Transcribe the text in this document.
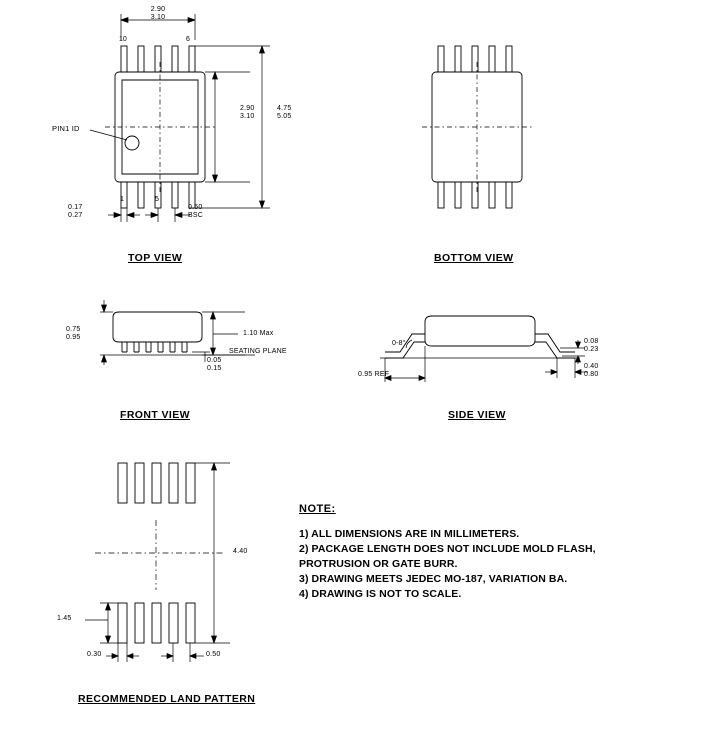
2.90
3.10
10	6
1	5
PIN1 ID
2.90
3.10
4.75
5.05
0.17
0.27
0.50
BSC
TOP VIEW	BOTTOM VIEW
0.75
0.95
1.10 Max
0.05
0.15
SEATING PLANE
0-8°	0.08
0.23
0.40
0.80
0.95 REF
FRONT VIEW	SIDE VIEW
4.40
1.45
0.30	0.50
RECOMMENDED LAND PATTERN
NOTE:
1) ALL DIMENSIONS ARE IN MILLIMETERS.
2) PACKAGE LENGTH DOES NOT INCLUDE MOLD FLASH,
PROTRUSION OR GATE BURR.
3) DRAWING MEETS JEDEC MO-187, VARIATION BA.
4) DRAWING IS NOT TO SCALE.
